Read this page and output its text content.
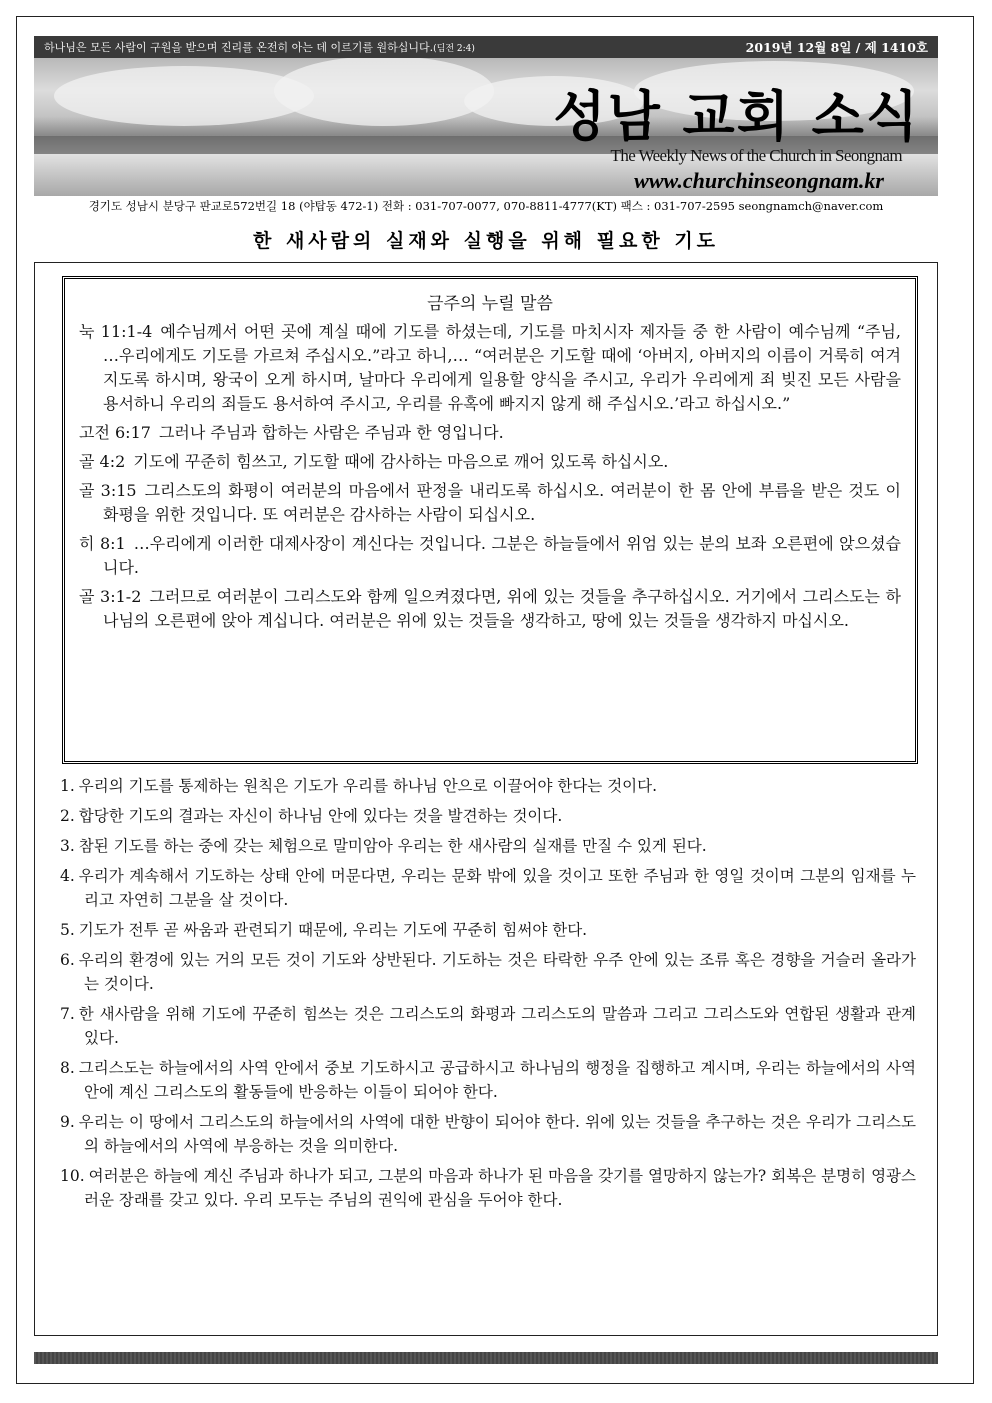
하나님은 모든 사람이 구원을 받으며 진리를 온전히 아는 데 이르기를 원하십니다.(딤전 2:4)	2019년 12월 8일 / 제 1410호
성남 교회 소식
The Weekly News of the Church in Seongnam
www.churchinseongnam.kr
경기도 성남시 분당구 판교로572번길 18 (야탑동 472-1) 전화 : 031-707-0077, 070-8811-4777(KT) 팩스 : 031-707-2595 seongnamch@naver.com
한 새사람의 실재와 실행을 위해 필요한 기도
금주의 누릴 말씀
눅 11:1-4 예수님께서 어떤 곳에 계실 때에 기도를 하셨는데, 기도를 마치시자 제자들 중 한 사람이 예수님께 “주님, …우리에게도 기도를 가르쳐 주십시오.”라고 하니,… “여러분은 기도할 때에 ‘아버지, 아버지의 이름이 거룩히 여겨지도록 하시며, 왕국이 오게 하시며, 날마다 우리에게 일용할 양식을 주시고, 우리가 우리에게 죄 빚진 모든 사람을 용서하니 우리의 죄들도 용서하여 주시고, 우리를 유혹에 빠지지 않게 해 주십시오.’라고 하십시오.”
고전 6:17 그러나 주님과 합하는 사람은 주님과 한 영입니다.
골 4:2 기도에 꾸준히 힘쓰고, 기도할 때에 감사하는 마음으로 깨어 있도록 하십시오.
골 3:15 그리스도의 화평이 여러분의 마음에서 판정을 내리도록 하십시오. 여러분이 한 몸 안에 부름을 받은 것도 이 화평을 위한 것입니다. 또 여러분은 감사하는 사람이 되십시오.
히 8:1 …우리에게 이러한 대제사장이 계신다는 것입니다. 그분은 하늘들에서 위엄 있는 분의 보좌 오른편에 앉으셨습니다.
골 3:1-2 그러므로 여러분이 그리스도와 함께 일으켜졌다면, 위에 있는 것들을 추구하십시오. 거기에서 그리스도는 하나님의 오른편에 앉아 계십니다. 여러분은 위에 있는 것들을 생각하고, 땅에 있는 것들을 생각하지 마십시오.
1. 우리의 기도를 통제하는 원칙은 기도가 우리를 하나님 안으로 이끌어야 한다는 것이다.
2. 합당한 기도의 결과는 자신이 하나님 안에 있다는 것을 발견하는 것이다.
3. 참된 기도를 하는 중에 갖는 체험으로 말미암아 우리는 한 새사람의 실재를 만질 수 있게 된다.
4. 우리가 계속해서 기도하는 상태 안에 머문다면, 우리는 문화 밖에 있을 것이고 또한 주님과 한 영일 것이며 그분의 임재를 누리고 자연히 그분을 살 것이다.
5. 기도가 전투 곧 싸움과 관련되기 때문에, 우리는 기도에 꾸준히 힘써야 한다.
6. 우리의 환경에 있는 거의 모든 것이 기도와 상반된다. 기도하는 것은 타락한 우주 안에 있는 조류 혹은 경향을 거슬러 올라가는 것이다.
7. 한 새사람을 위해 기도에 꾸준히 힘쓰는 것은 그리스도의 화평과 그리스도의 말씀과 그리고 그리스도와 연합된 생활과 관계있다.
8. 그리스도는 하늘에서의 사역 안에서 중보 기도하시고 공급하시고 하나님의 행정을 집행하고 계시며, 우리는 하늘에서의 사역 안에 계신 그리스도의 활동들에 반응하는 이들이 되어야 한다.
9. 우리는 이 땅에서 그리스도의 하늘에서의 사역에 대한 반향이 되어야 한다. 위에 있는 것들을 추구하는 것은 우리가 그리스도의 하늘에서의 사역에 부응하는 것을 의미한다.
10. 여러분은 하늘에 계신 주님과 하나가 되고, 그분의 마음과 하나가 된 마음을 갖기를 열망하지 않는가? 회복은 분명히 영광스러운 장래를 갖고 있다. 우리 모두는 주님의 권익에 관심을 두어야 한다.
